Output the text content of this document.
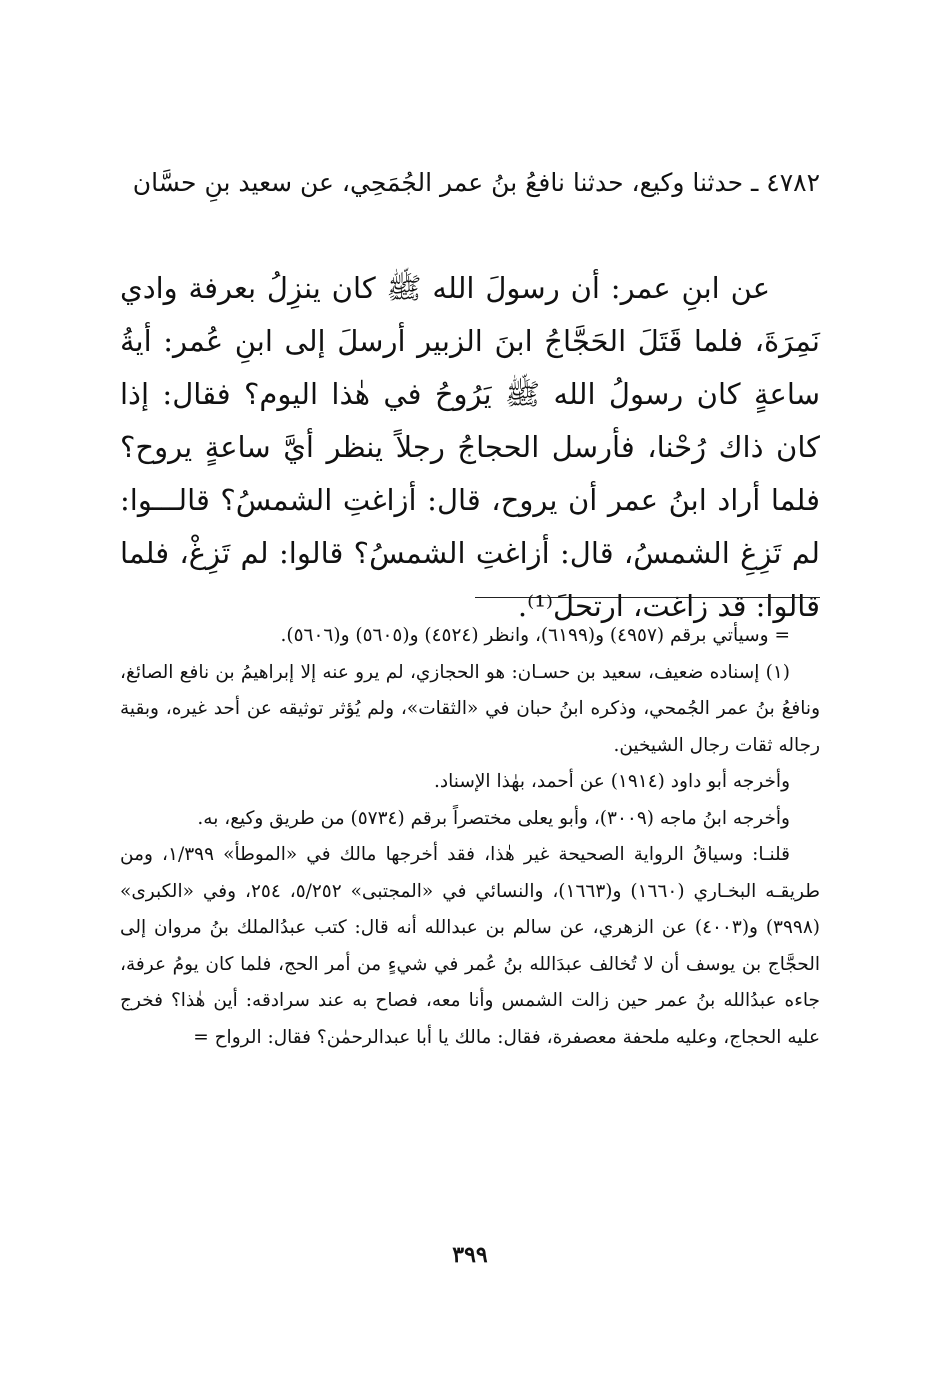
٤٧٨٢ ـ حدثنا وكيع، حدثنا نافعُ بنُ عمر الجُمَحِي، عن سعيد بنِ حسَّان

عن ابنِ عمر: أن رسولَ الله ﷺ كان ينزِلُ بعرفة وادي نَمِرَةَ، فلما قَتَلَ الحَجَّاجُ ابنَ الزبير أرسلَ إلى ابنِ عُمر: أيةُ ساعةٍ كان رسولُ الله ﷺ يَرُوحُ في هٰذا اليوم؟ فقال: إذا كان ذاك رُحْنا، فأرسل الحجاجُ رجلاً ينظر أيَّ ساعةٍ يروح؟ فلما أراد ابنُ عمر أن يروح، قال: أزاغتِ الشمسُ؟ قالـــوا: لم تَزِغِ الشمسُ، قال: أزاغتِ الشمسُ؟ قالوا: لم تَزِغْ، فلما قالوا: قد زاغت، ارتحلَ⁽¹⁾.

= وسيأتي برقم (٤٩٥٧) و(٦١٩٩)، وانظر (٤٥٢٤) و(٥٦٠٥) و(٥٦٠٦).

(١) إسناده ضعيف، سعيد بن حسـان: هو الحجازي، لم يرو عنه إلا إبراهيمُ بن نافع الصائغ، ونافعُ بنُ عمر الجُمحي، وذكره ابنُ حبان في «الثقات»، ولم يُؤثر توثيقه عن أحد غيره، وبقية رجاله ثقات رجال الشيخين.

وأخرجه أبو داود (١٩١٤) عن أحمد، بهٰذا الإسناد.

وأخرجه ابنُ ماجه (٣٠٠٩)، وأبو يعلى مختصراً برقم (٥٧٣٤) من طريق وكيع، به.

قلنـا: وسياقُ الرواية الصحيحة غير هٰذا، فقد أخرجها مالك في «الموطأ» ١/٣٩٩، ومن طريقـه البخـاري (١٦٦٠) و(١٦٦٣)، والنسائي في «المجتبى» ٥/٢٥٢، ٢٥٤، وفي «الكبرى» (٣٩٩٨) و(٤٠٠٣) عن الزهري، عن سالم بن عبدالله أنه قال: كتب عبدُالملك بنُ مروان إلى الحجَّاج بن يوسف أن لا تُخالف عبدَالله بنُ عُمر في شيءٍ من أمر الحج، فلما كان يومُ عرفة، جاءه عبدُالله بنُ عمر حين زالت الشمس وأنا معه، فصاح به عند سرادقه: أين هٰذا؟ فخرج عليه الحجاج، وعليه ملحفة معصفرة، فقال: مالك يا أبا عبدالرحمٰن؟ فقال: الرواح =

٣٩٩
